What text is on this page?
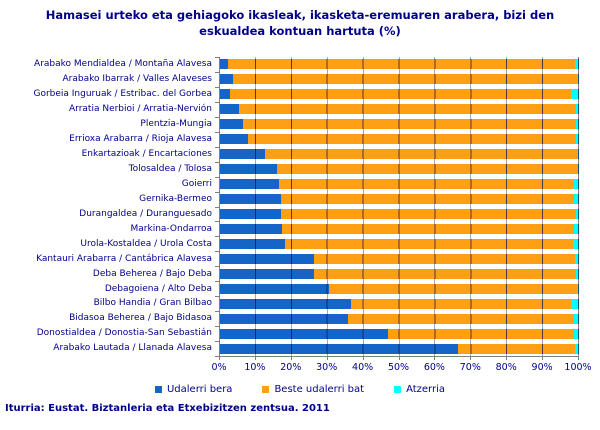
Hamasei urteko eta gehiagoko ikasleak, ikasketa-eremuaren arabera, bizi den
eskualdea kontuan hartuta (%)
Arabako Mendialdea / Montaña Alavesa
Arabako Ibarrak / Valles Alaveses
Gorbeia Inguruak / Estribac. del Gorbea
Arratia Nerbioi / Arratia-Nervión
Plentzia-Mungia
Errioxa Arabarra / Rioja Alavesa
Enkartazioak / Encartaciones
Tolosaldea / Tolosa
Goierri
Gernika-Bermeo
Durangaldea / Duranguesado
Markina-Ondarroa
Urola-Kostaldea / Urola Costa
Kantauri Arabarra / Cantábrica Alavesa
Deba Beherea / Bajo Deba
Debagoiena / Alto Deba
Bilbo Handia / Gran Bilbao
Bidasoa Beherea / Bajo Bidasoa
Donostialdea / Donostia-San Sebastián
Arabako Lautada / Llanada Alavesa
0% 10% 20% 30% 40% 50% 60% 70% 80% 90% 100%
Udalerri bera	Beste udalerri bat	Atzerria
Iturria: Eustat. Biztanleria eta Etxebizitzen zentsua. 2011
